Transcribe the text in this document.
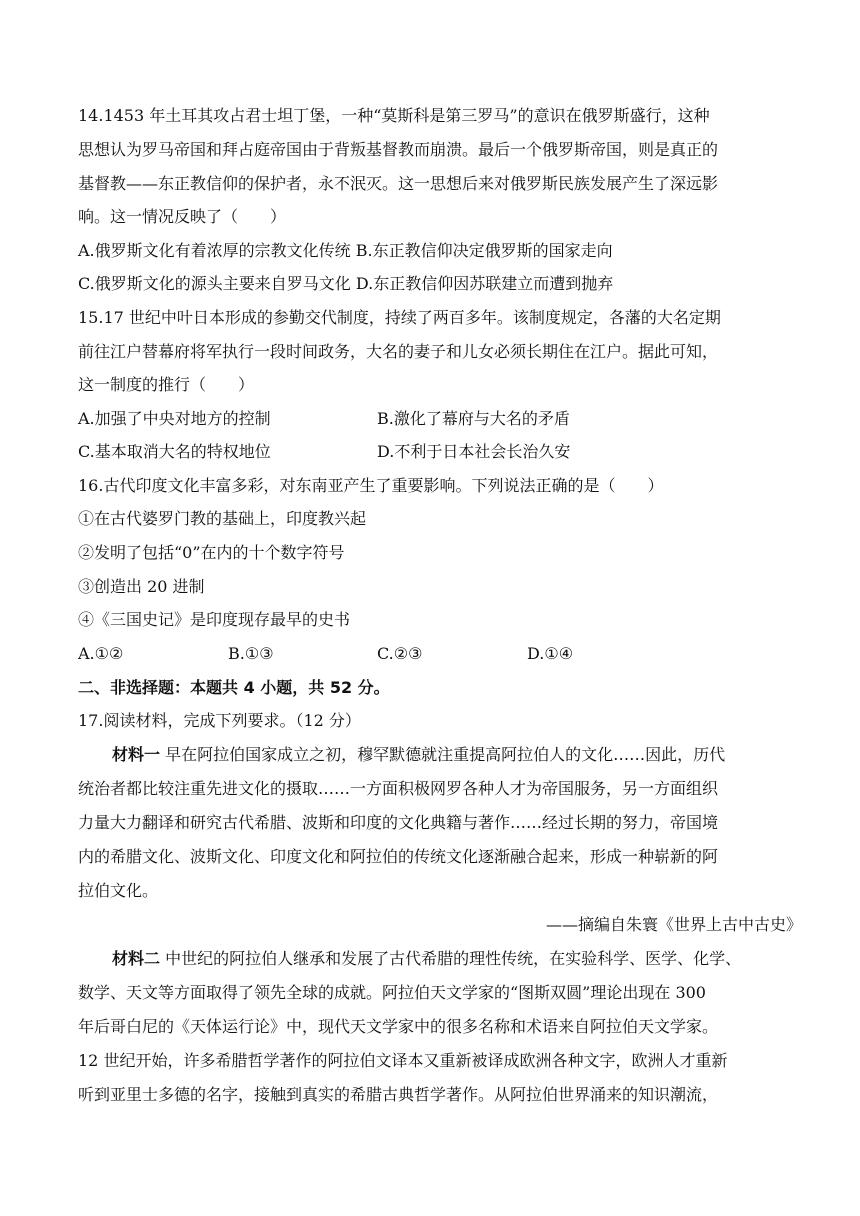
14.1453 年土耳其攻占君士坦丁堡，一种“莫斯科是第三罗马”的意识在俄罗斯盛行，这种
思想认为罗马帝国和拜占庭帝国由于背叛基督教而崩溃。最后一个俄罗斯帝国，则是真正的
基督教——东正教信仰的保护者，永不泯灭。这一思想后来对俄罗斯民族发展产生了深远影
响。这一情况反映了（　　）
A.俄罗斯文化有着浓厚的宗教文化传统 B.东正教信仰决定俄罗斯的国家走向
C.俄罗斯文化的源头主要来自罗马文化 D.东正教信仰因苏联建立而遭到抛弃
15.17 世纪中叶日本形成的参勤交代制度，持续了两百多年。该制度规定，各藩的大名定期
前往江户替幕府将军执行一段时间政务，大名的妻子和儿女必须长期住在江户。据此可知，
这一制度的推行（　　）
A.加强了中央对地方的控制	B.激化了幕府与大名的矛盾
C.基本取消大名的特权地位	D.不利于日本社会长治久安
16.古代印度文化丰富多彩，对东南亚产生了重要影响。下列说法正确的是（　　）
①在古代婆罗门教的基础上，印度教兴起
②发明了包括“0”在内的十个数字符号
③创造出 20 进制
④《三国史记》是印度现存最早的史书
A.①②	B.①③	C.②③	D.①④
二、非选择题：本题共 4 小题，共 52 分。
17.阅读材料，完成下列要求。（12 分）
材料一 早在阿拉伯国家成立之初，穆罕默德就注重提高阿拉伯人的文化……因此，历代
统治者都比较注重先进文化的摄取……一方面积极网罗各种人才为帝国服务，另一方面组织
力量大力翻译和研究古代希腊、波斯和印度的文化典籍与著作……经过长期的努力，帝国境
内的希腊文化、波斯文化、印度文化和阿拉伯的传统文化逐渐融合起来，形成一种崭新的阿
拉伯文化。
——摘编自朱寰《世界上古中古史》
材料二 中世纪的阿拉伯人继承和发展了古代希腊的理性传统，在实验科学、医学、化学、
数学、天文等方面取得了领先全球的成就。阿拉伯天文学家的“图斯双圆”理论出现在 300
年后哥白尼的《天体运行论》中，现代天文学家中的很多名称和术语来自阿拉伯天文学家。
12 世纪开始，许多希腊哲学著作的阿拉伯文译本又重新被译成欧洲各种文字，欧洲人才重新
听到亚里士多德的名字，接触到真实的希腊古典哲学著作。从阿拉伯世界涌来的知识潮流，
